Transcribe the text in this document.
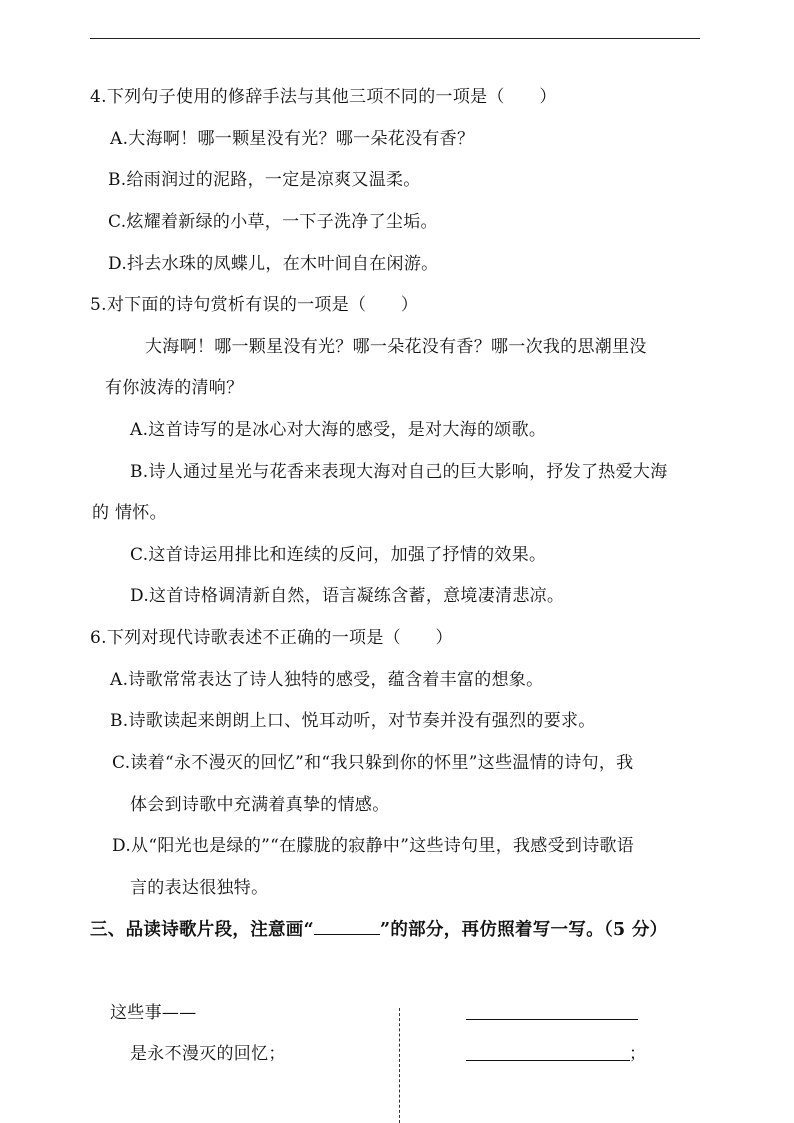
4.下列句子使用的修辞手法与其他三项不同的一项是（　　）
A.大海啊！哪一颗星没有光？哪一朵花没有香？
B.给雨润过的泥路，一定是凉爽又温柔。
C.炫耀着新绿的小草，一下子洗净了尘垢。
D.抖去水珠的凤蝶儿，在木叶间自在闲游。
5.对下面的诗句赏析有误的一项是（　　）
大海啊！哪一颗星没有光？哪一朵花没有香？哪一次我的思潮里没
有你波涛的清响？
A.这首诗写的是冰心对大海的感受，是对大海的颂歌。
B.诗人通过星光与花香来表现大海对自己的巨大影响，抒发了热爱大海
的 情怀。
C.这首诗运用排比和连续的反问，加强了抒情的效果。
D.这首诗格调清新自然，语言凝练含蓄，意境凄清悲凉。
6.下列对现代诗歌表述不正确的一项是（　　）
A.诗歌常常表达了诗人独特的感受，蕴含着丰富的想象。
B.诗歌读起来朗朗上口、悦耳动听，对节奏并没有强烈的要求。
C.读着“永不漫灭的回忆”和“我只躲到你的怀里”这些温情的诗句，我
体会到诗歌中充满着真挚的情感。
D.从“阳光也是绿的”“在朦胧的寂静中”这些诗句里，我感受到诗歌语
言的表达很独特。
三、品读诗歌片段，注意画“	”的部分，再仿照着写一写。（5 分）
这些事——
是永不漫灭的回忆；	；
